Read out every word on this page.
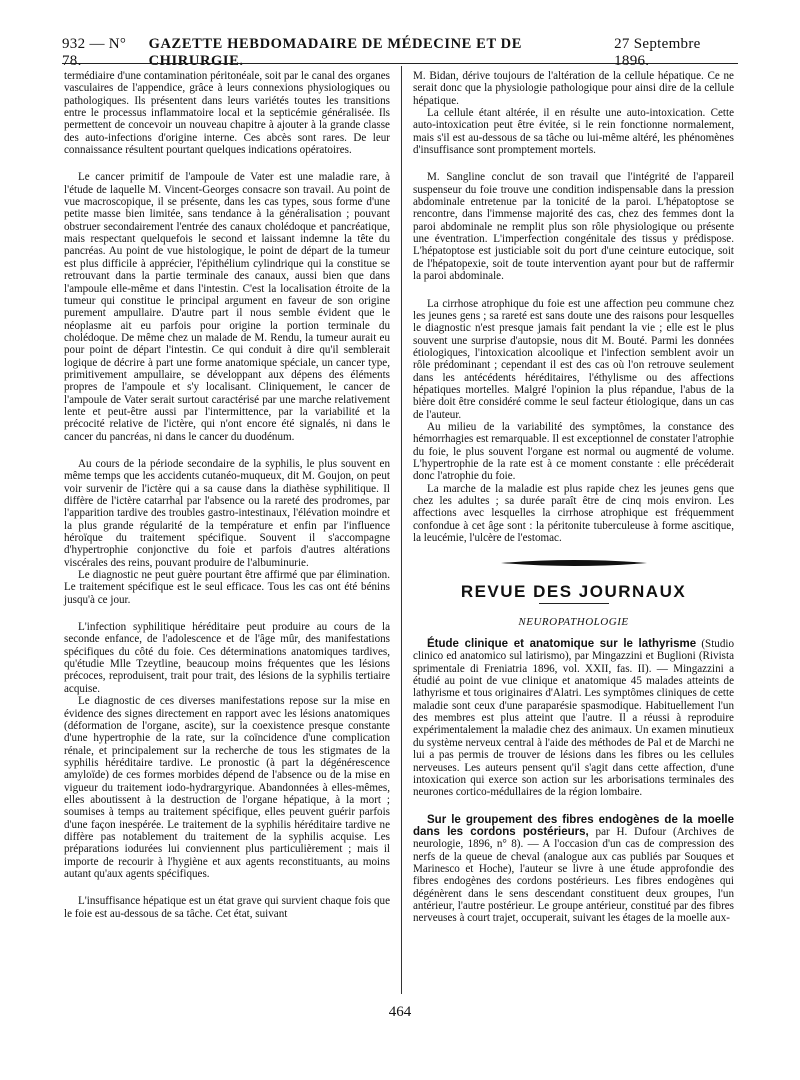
932 — N° 78.
GAZETTE HEBDOMADAIRE DE MÉDECINE ET DE CHIRURGIE.
27 Septembre 1896.

termédiaire d'une contamination péritonéale, soit par le canal des organes vasculaires de l'appendice, grâce à leurs connexions physiologiques ou pathologiques. Ils présentent dans leurs variétés toutes les transitions entre le processus inflammatoire local et la septicémie généralisée. Ils permettent de concevoir un nouveau chapitre à ajouter à la grande classe des auto-infections d'origine interne. Ces abcès sont rares. De leur connaissance résultent pourtant quelques indications opératoires.

Le cancer primitif de l'ampoule de Vater est une maladie rare, à l'étude de laquelle M. Vincent-Georges consacre son travail. Au point de vue macroscopique, il se présente, dans les cas types, sous forme d'une petite masse bien limitée, sans tendance à la généralisation ; pouvant obstruer secondairement l'entrée des canaux cholédoque et pancréatique, mais respectant quelquefois le second et laissant indemne la tête du pancréas. Au point de vue histologique, le point de départ de la tumeur est plus difficile à apprécier, l'épithélium cylindrique qui la constitue se retrouvant dans la partie terminale des canaux, aussi bien que dans l'ampoule elle-même et dans l'intestin. C'est la localisation étroite de la tumeur qui constitue le principal argument en faveur de son origine purement ampullaire. D'autre part il nous semble évident que le néoplasme ait eu parfois pour origine la portion terminale du cholédoque. De même chez un malade de M. Rendu, la tumeur aurait eu pour point de départ l'intestin. Ce qui conduit à dire qu'il semblerait logique de décrire à part une forme anatomique spéciale, un cancer type, primitivement ampullaire, se développant aux dépens des éléments propres de l'ampoule et s'y localisant. Cliniquement, le cancer de l'ampoule de Vater serait surtout caractérisé par une marche relativement lente et peut-être aussi par l'intermittence, par la variabilité et la précocité relative de l'ictère, qui n'ont encore été signalés, ni dans le cancer du pancréas, ni dans le cancer du duodénum.

Au cours de la période secondaire de la syphilis, le plus souvent en même temps que les accidents cutanéo-muqueux, dit M. Goujon, on peut voir survenir de l'ictère qui a sa cause dans la diathèse syphilitique. Il diffère de l'ictère catarrhal par l'absence ou la rareté des prodromes, par l'apparition tardive des troubles gastro-intestinaux, l'élévation moindre et la plus grande régularité de la température et enfin par l'influence héroïque du traitement spécifique. Souvent il s'accompagne d'hypertrophie conjonctive du foie et parfois d'autres altérations viscérales des reins, pouvant produire de l'albuminurie.

Le diagnostic ne peut guère pourtant être affirmé que par élimination. Le traitement spécifique est le seul efficace. Tous les cas ont été bénins jusqu'à ce jour.

L'infection syphilitique héréditaire peut produire au cours de la seconde enfance, de l'adolescence et de l'âge mûr, des manifestations spécifiques du côté du foie. Ces déterminations anatomiques tardives, qu'étudie Mlle Tzeytline, beaucoup moins fréquentes que les lésions précoces, reproduisent, trait pour trait, des lésions de la syphilis tertiaire acquise.

Le diagnostic de ces diverses manifestations repose sur la mise en évidence des signes directement en rapport avec les lésions anatomiques (déformation de l'organe, ascite), sur la coexistence presque constante d'une hypertrophie de la rate, sur la coïncidence d'une complication rénale, et principalement sur la recherche de tous les stigmates de la syphilis héréditaire tardive. Le pronostic (à part la dégénérescence amyloïde) de ces formes morbides dépend de l'absence ou de la mise en vigueur du traitement iodo-hydrargyrique. Abandonnées à elles-mêmes, elles aboutissent à la destruction de l'organe hépatique, à la mort ; soumises à temps au traitement spécifique, elles peuvent guérir parfois d'une façon inespérée. Le traitement de la syphilis héréditaire tardive ne diffère pas notablement du traitement de la syphilis acquise. Les préparations iodurées lui conviennent plus particulièrement ; mais il importe de recourir à l'hygiène et aux agents reconstituants, au moins autant qu'aux agents spécifiques.

L'insuffisance hépatique est un état grave qui survient chaque fois que le foie est au-dessous de sa tâche. Cet état, suivant

M. Bidan, dérive toujours de l'altération de la cellule hépatique. Ce ne serait donc que la physiologie pathologique pour ainsi dire de la cellule hépatique.

La cellule étant altérée, il en résulte une auto-intoxication. Cette auto-intoxication peut être évitée, si le rein fonctionne normalement, mais s'il est au-dessous de sa tâche ou lui-même altéré, les phénomènes d'insuffisance sont promptement mortels.

M. Sangline conclut de son travail que l'intégrité de l'appareil suspenseur du foie trouve une condition indispensable dans la pression abdominale entretenue par la tonicité de la paroi. L'hépatoptose se rencontre, dans l'immense majorité des cas, chez des femmes dont la paroi abdominale ne remplit plus son rôle physiologique ou présente une éventration. L'imperfection congénitale des tissus y prédispose. L'hépatoptose est justiciable soit du port d'une ceinture eutocique, soit de l'hépatopexie, soit de toute intervention ayant pour but de raffermir la paroi abdominale.

La cirrhose atrophique du foie est une affection peu commune chez les jeunes gens ; sa rareté est sans doute une des raisons pour lesquelles le diagnostic n'est presque jamais fait pendant la vie ; elle est le plus souvent une surprise d'autopsie, nous dit M. Bouté. Parmi les données étiologiques, l'intoxication alcoolique et l'infection semblent avoir un rôle prédominant ; cependant il est des cas où l'on retrouve seulement dans les antécédents héréditaires, l'éthylisme ou des affections hépatiques mortelles. Malgré l'opinion la plus répandue, l'abus de la bière doit être considéré comme le seul facteur étiologique, dans un cas de l'auteur.

Au milieu de la variabilité des symptômes, la constance des hémorrhagies est remarquable. Il est exceptionnel de constater l'atrophie du foie, le plus souvent l'organe est normal ou augmenté de volume. L'hypertrophie de la rate est à ce moment constante : elle précéderait donc l'atrophie du foie.

La marche de la maladie est plus rapide chez les jeunes gens que chez les adultes ; sa durée paraît être de cinq mois environ. Les affections avec lesquelles la cirrhose atrophique est fréquemment confondue à cet âge sont : la péritonite tuberculeuse à forme ascitique, la leucémie, l'ulcère de l'estomac.

REVUE DES JOURNAUX
NEUROPATHOLOGIE

Étude clinique et anatomique sur le lathyrisme (Studio clinico ed anatomico sul latirismo), par Mingazzini et Buglioni (Rivista sprimentale di Freniatria 1896, vol. XXII, fas. II). — Mingazzini a étudié au point de vue clinique et anatomique 45 malades atteints de lathyrisme et tous originaires d'Alatri. Les symptômes cliniques de cette maladie sont ceux d'une paraparésie spasmodique. Habituellement l'un des membres est plus atteint que l'autre. Il a réussi à reproduire expérimentalement la maladie chez des animaux. Un examen minutieux du système nerveux central à l'aide des méthodes de Pal et de Marchi ne lui a pas permis de trouver de lésions dans les fibres ou les cellules nerveuses. Les auteurs pensent qu'il s'agit dans cette affection, d'une intoxication qui exerce son action sur les arborisations terminales des neurones cortico-médullaires de la région lombaire.

Sur le groupement des fibres endogènes de la moelle dans les cordons postérieurs, par H. Dufour (Archives de neurologie, 1896, n° 8). — A l'occasion d'un cas de compression des nerfs de la queue de cheval (analogue aux cas publiés par Souques et Marinesco et Hoche), l'auteur se livre à une étude approfondie des fibres endogènes des cordons postérieurs. Les fibres endogènes qui dégénèrent dans le sens descendant constituent deux groupes, l'un antérieur, l'autre postérieur. Le groupe antérieur, constitué par des fibres nerveuses à court trajet, occuperait, suivant les étages de la moelle aux-

464
